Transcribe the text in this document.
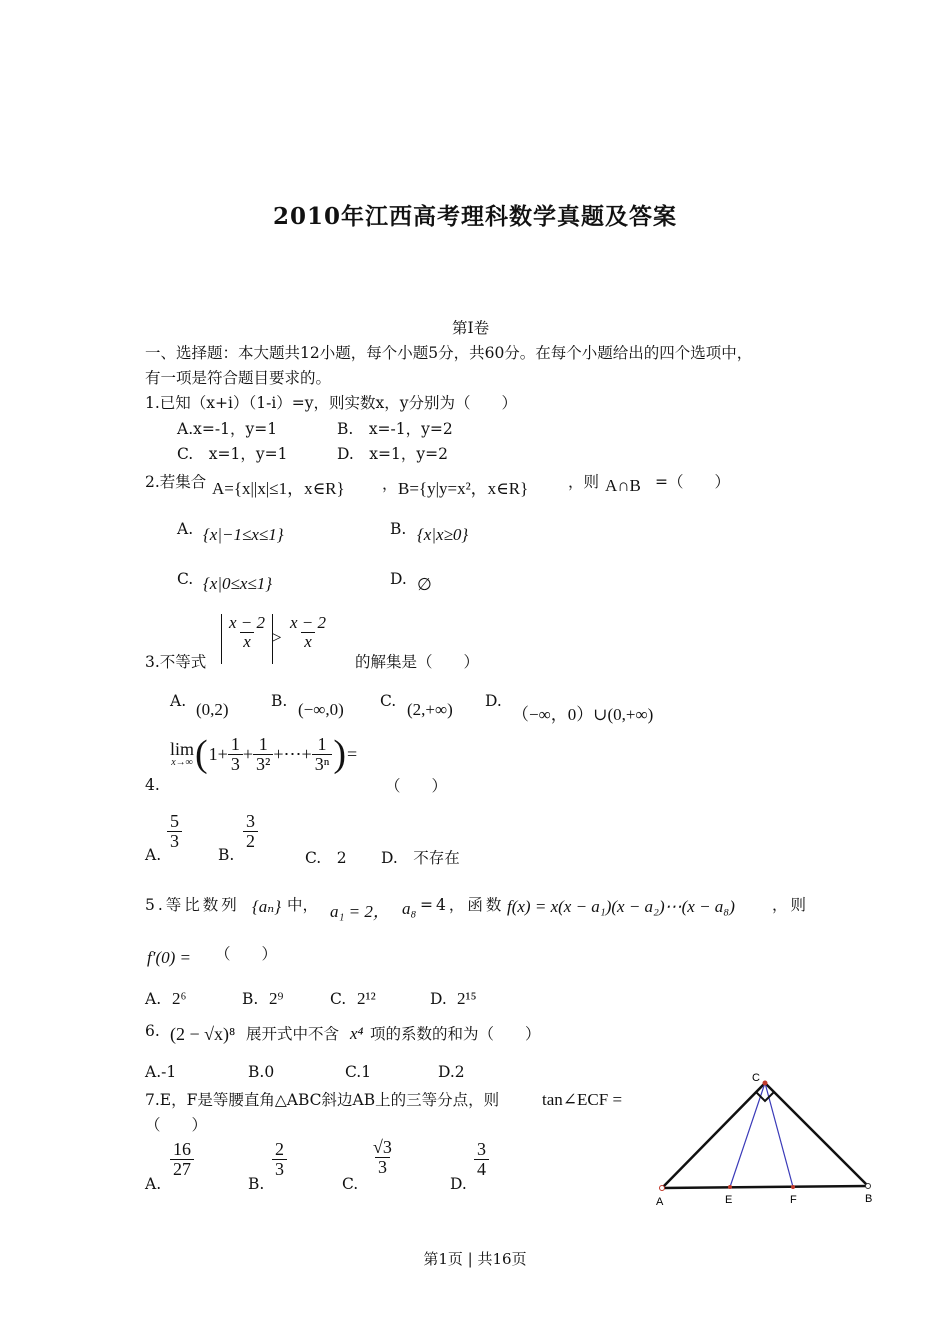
2010年江西高考理科数学真题及答案
第Ⅰ卷
一、选择题：本大题共12小题，每个小题5分，共60分。在每个小题给出的四个选项中，
有一项是符合题目要求的。
1.已知（x+i）（1-i）=y，则实数x，y分别为（　　）
A.x=-1，y=1	B.　x=-1，y=2
C.　x=1，y=1	D.　x=1，y=2
2.若集合 A={x||x|≤1，x∈R} ， B={y|y=x²，x∈R}	，则 A∩B =（　　）
A. {x|−1≤x≤1}	B. {x|x≥0}
C. {x|0≤x≤1}	D. ∅
3.不等式
$\frac{x - 2}{x} > \frac{x - 2}{x}$
的解集是（　　）
A. (0,2)	B. (−∞,0) C. (2,+∞) D.
（−∞，0）∪(0,+∞)
4.
lim
x→∞ ( $1+ \frac{1}{3} + \frac{1}{\text{3²}}$ +⋯+ $\frac{1}{\text{3ⁿ}}$ ) =
（　　）
A.
$\frac{5}{3}$
B.
$\frac{3}{2}$
C.　2 D.　不存在
5.等比数列 {aₙ} 中， a₁ = 2， a₈ =4，函数 f(x) = x(x − a₁)(x − a₂)⋯(x − a₈) ，则
f′(0) = （　　）
A. 2⁶	B. 2⁹	C. 2¹²	D. 2¹⁵
6. (2 − √x)⁸ 展开式中不含 x⁴ 项的系数的和为（　　）
A.-1	B.0	C.1	D.2
7.E，F是等腰直角△ABC斜边AB上的三等分点，则	tan∠ECF =
（　　）
A.
$\frac{16}{27}$
B.
$\frac{2}{3}$
C.
$\frac{√3}{3}$
D.
$\frac{3}{4}$
A	B
C
E	F
第1页 | 共16页
